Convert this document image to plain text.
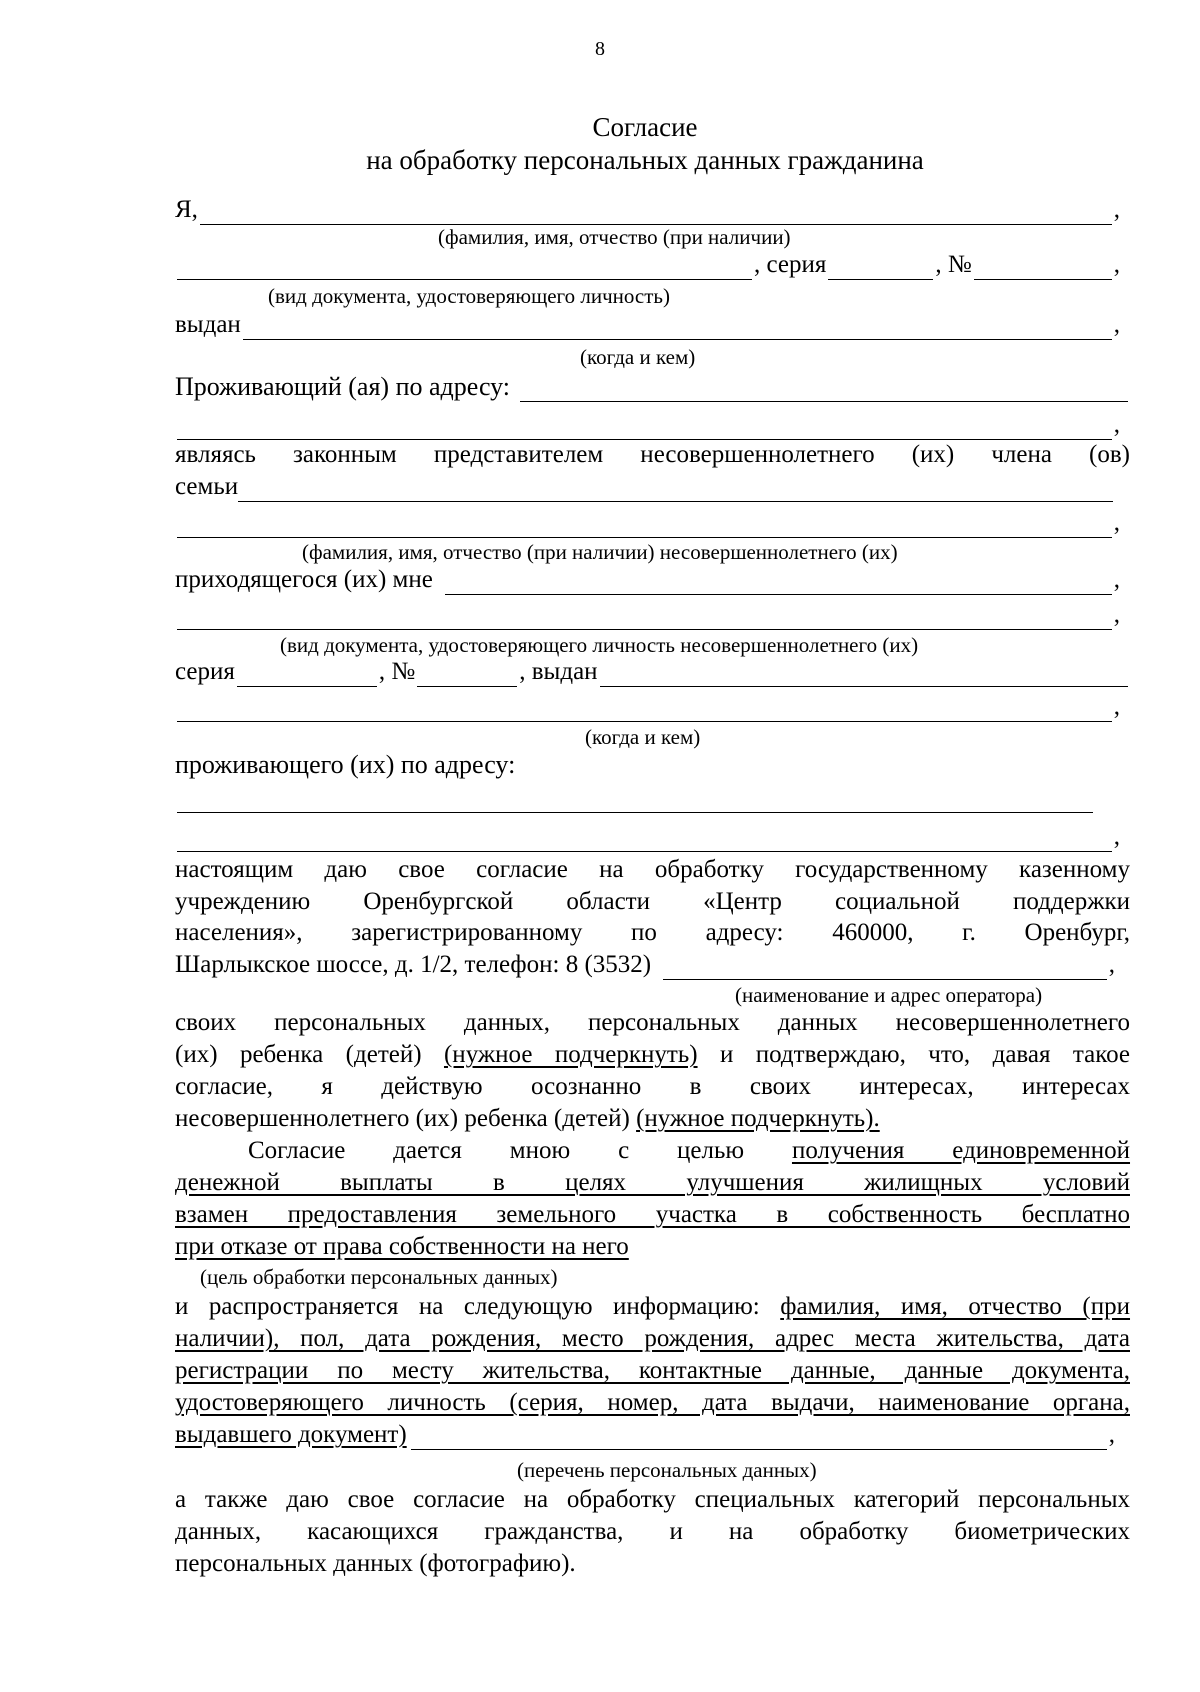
8
Согласие
на обработку персональных данных гражданина
Я,	,
(фамилия, имя, отчество (при наличии)
, серия	, №	,
(вид документа, удостоверяющего личность)
выдан	,
(когда и кем)
Проживающий (ая) по адресу:
,
являясь законным представителем несовершеннолетнего (их) члена (ов)
семьи
,
(фамилия, имя, отчество (при наличии) несовершеннолетнего (их)
приходящегося (их) мне	,
,
(вид документа, удостоверяющего личность несовершеннолетнего (их)
серия	, №	, выдан
,
(когда и кем)
проживающего (их) по адресу:
,
настоящим даю свое согласие на обработку государственному казенному
учреждению Оренбургской области «Центр социальной поддержки
населения», зарегистрированному по адресу: 460000, г. Оренбург,
Шарлыкское шоссе, д. 1/2, телефон: 8 (3532)	,
(наименование и адрес оператора)
своих персональных данных, персональных данных несовершеннолетнего
(их) ребенка (детей) (нужное подчеркнуть) и подтверждаю, что, давая такое
согласие, я действую осознанно в своих интересах, интересах
несовершеннолетнего (их) ребенка (детей) (нужное подчеркнуть).
Согласие дается мною с целью получения единовременной
денежной выплаты в целях улучшения жилищных условий
взамен предоставления земельного участка в собственность бесплатно
при отказе от права собственности на него
(цель обработки персональных данных)
и распространяется на следующую информацию: фамилия, имя, отчество (при
наличии), пол, дата рождения, место рождения, адрес места жительства, дата
регистрации по месту жительства, контактные данные, данные документа,
удостоверяющего личность (серия, номер, дата выдачи, наименование органа,
выдавшего документ)	,
(перечень персональных данных)
а также даю свое согласие на обработку специальных категорий персональных
данных, касающихся гражданства, и на обработку биометрических
персональных данных (фотографию).
